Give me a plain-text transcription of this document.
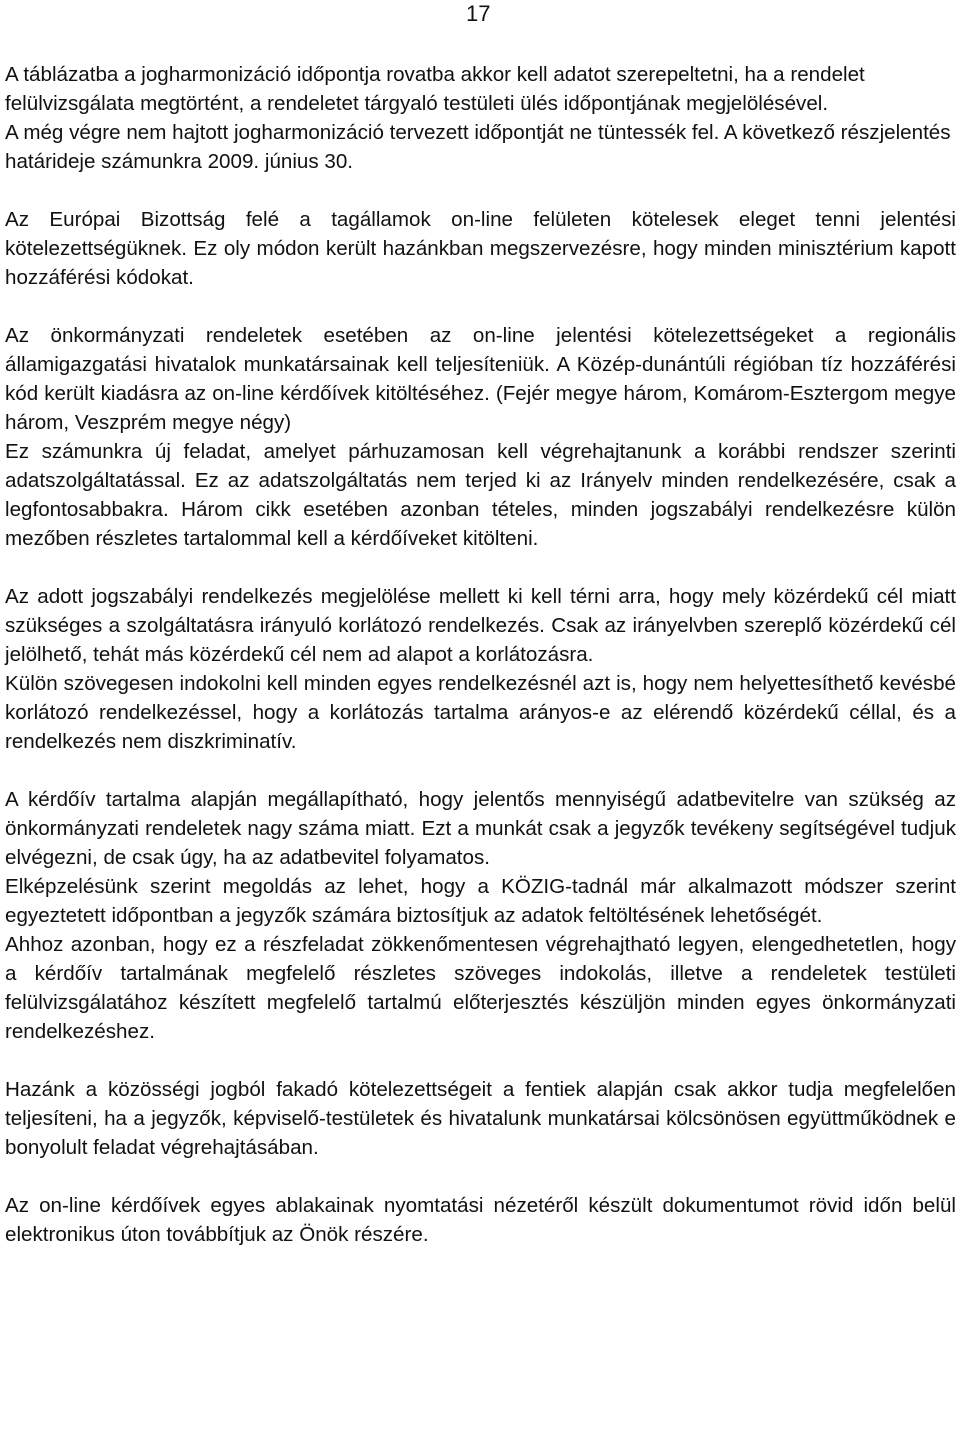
17

A táblázatba a jogharmonizáció időpontja rovatba akkor kell adatot szerepeltetni, ha a rendelet felülvizsgálata megtörtént, a rendeletet tárgyaló testületi ülés időpontjának megjelölésével.

A még végre nem hajtott jogharmonizáció tervezett időpontját ne tüntessék fel. A következő részjelentés határideje számunkra 2009. június 30.

Az Európai Bizottság felé a tagállamok on-line felületen kötelesek eleget tenni jelentési kötelezettségüknek. Ez oly módon került hazánkban megszervezésre, hogy minden minisztérium kapott hozzáférési kódokat.

Az önkormányzati rendeletek esetében az on-line jelentési kötelezettségeket a regionális államigazgatási hivatalok munkatársainak kell teljesíteniük. A Közép-dunántúli régióban tíz hozzáférési kód került kiadásra az on-line kérdőívek kitöltéséhez. (Fejér megye három, Komárom-Esztergom megye három, Veszprém megye négy)

Ez számunkra új feladat, amelyet párhuzamosan kell végrehajtanunk a korábbi rendszer szerinti adatszolgáltatással. Ez az adatszolgáltatás nem terjed ki az Irányelv minden rendelkezésére, csak a legfontosabbakra. Három cikk esetében azonban tételes, minden jogszabályi rendelkezésre külön mezőben részletes tartalommal kell a kérdőíveket kitölteni.

Az adott jogszabályi rendelkezés megjelölése mellett ki kell térni arra, hogy mely közérdekű cél miatt szükséges a szolgáltatásra irányuló korlátozó rendelkezés. Csak az irányelvben szereplő közérdekű cél jelölhető, tehát más közérdekű cél nem ad alapot a korlátozásra.

Külön szövegesen indokolni kell minden egyes rendelkezésnél azt is, hogy nem helyettesíthető kevésbé korlátozó rendelkezéssel, hogy a korlátozás tartalma arányos-e az elérendő közérdekű céllal, és a rendelkezés nem diszkriminatív.

A kérdőív tartalma alapján megállapítható, hogy jelentős mennyiségű adatbevitelre van szükség az önkormányzati rendeletek nagy száma miatt. Ezt a munkát csak a jegyzők tevékeny segítségével tudjuk elvégezni, de csak úgy, ha az adatbevitel folyamatos.

Elképzelésünk szerint megoldás az lehet, hogy a KÖZIG-tadnál már alkalmazott módszer szerint egyeztetett időpontban a jegyzők számára biztosítjuk az adatok feltöltésének lehetőségét.

Ahhoz azonban, hogy ez a részfeladat zökkenőmentesen végrehajtható legyen, elengedhetetlen, hogy a kérdőív tartalmának megfelelő részletes szöveges indokolás, illetve a rendeletek testületi felülvizsgálatához készített megfelelő tartalmú előterjesztés készüljön minden egyes önkormányzati rendelkezéshez.

Hazánk a közösségi jogból fakadó kötelezettségeit a fentiek alapján csak akkor tudja megfelelően teljesíteni, ha a jegyzők, képviselő-testületek és hivatalunk munkatársai kölcsönösen együttműködnek e bonyolult feladat végrehajtásában.

Az on-line kérdőívek egyes ablakainak nyomtatási nézetéről készült dokumentumot rövid időn belül elektronikus úton továbbítjuk az Önök részére.
